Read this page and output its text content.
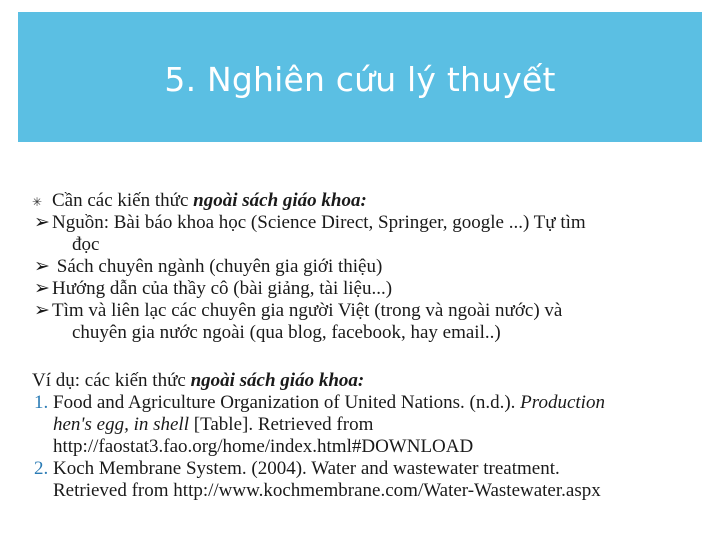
5. Nghiên cứu lý thuyết
✳ Cần các kiến thức ngoài sách giáo khoa:
➢ Nguồn: Bài báo khoa học (Science Direct, Springer, google ...) Tự tìm
đọc
➢ Sách chuyên ngành (chuyên gia giới thiệu)
➢ Hướng dẫn của thầy cô (bài giảng, tài liệu...)
➢ Tìm và liên lạc các chuyên gia người Việt (trong và ngoài nước) và
chuyên gia nước ngoài (qua blog, facebook, hay email..)
Ví dụ: các kiến thức ngoài sách giáo khoa:
1. Food and Agriculture Organization of United Nations. (n.d.). Production
hen's egg, in shell [Table]. Retrieved from
http://faostat3.fao.org/home/index.html#DOWNLOAD
2. Koch Membrane System. (2004). Water and wastewater treatment.
Retrieved from http://www.kochmembrane.com/Water-Wastewater.aspx
